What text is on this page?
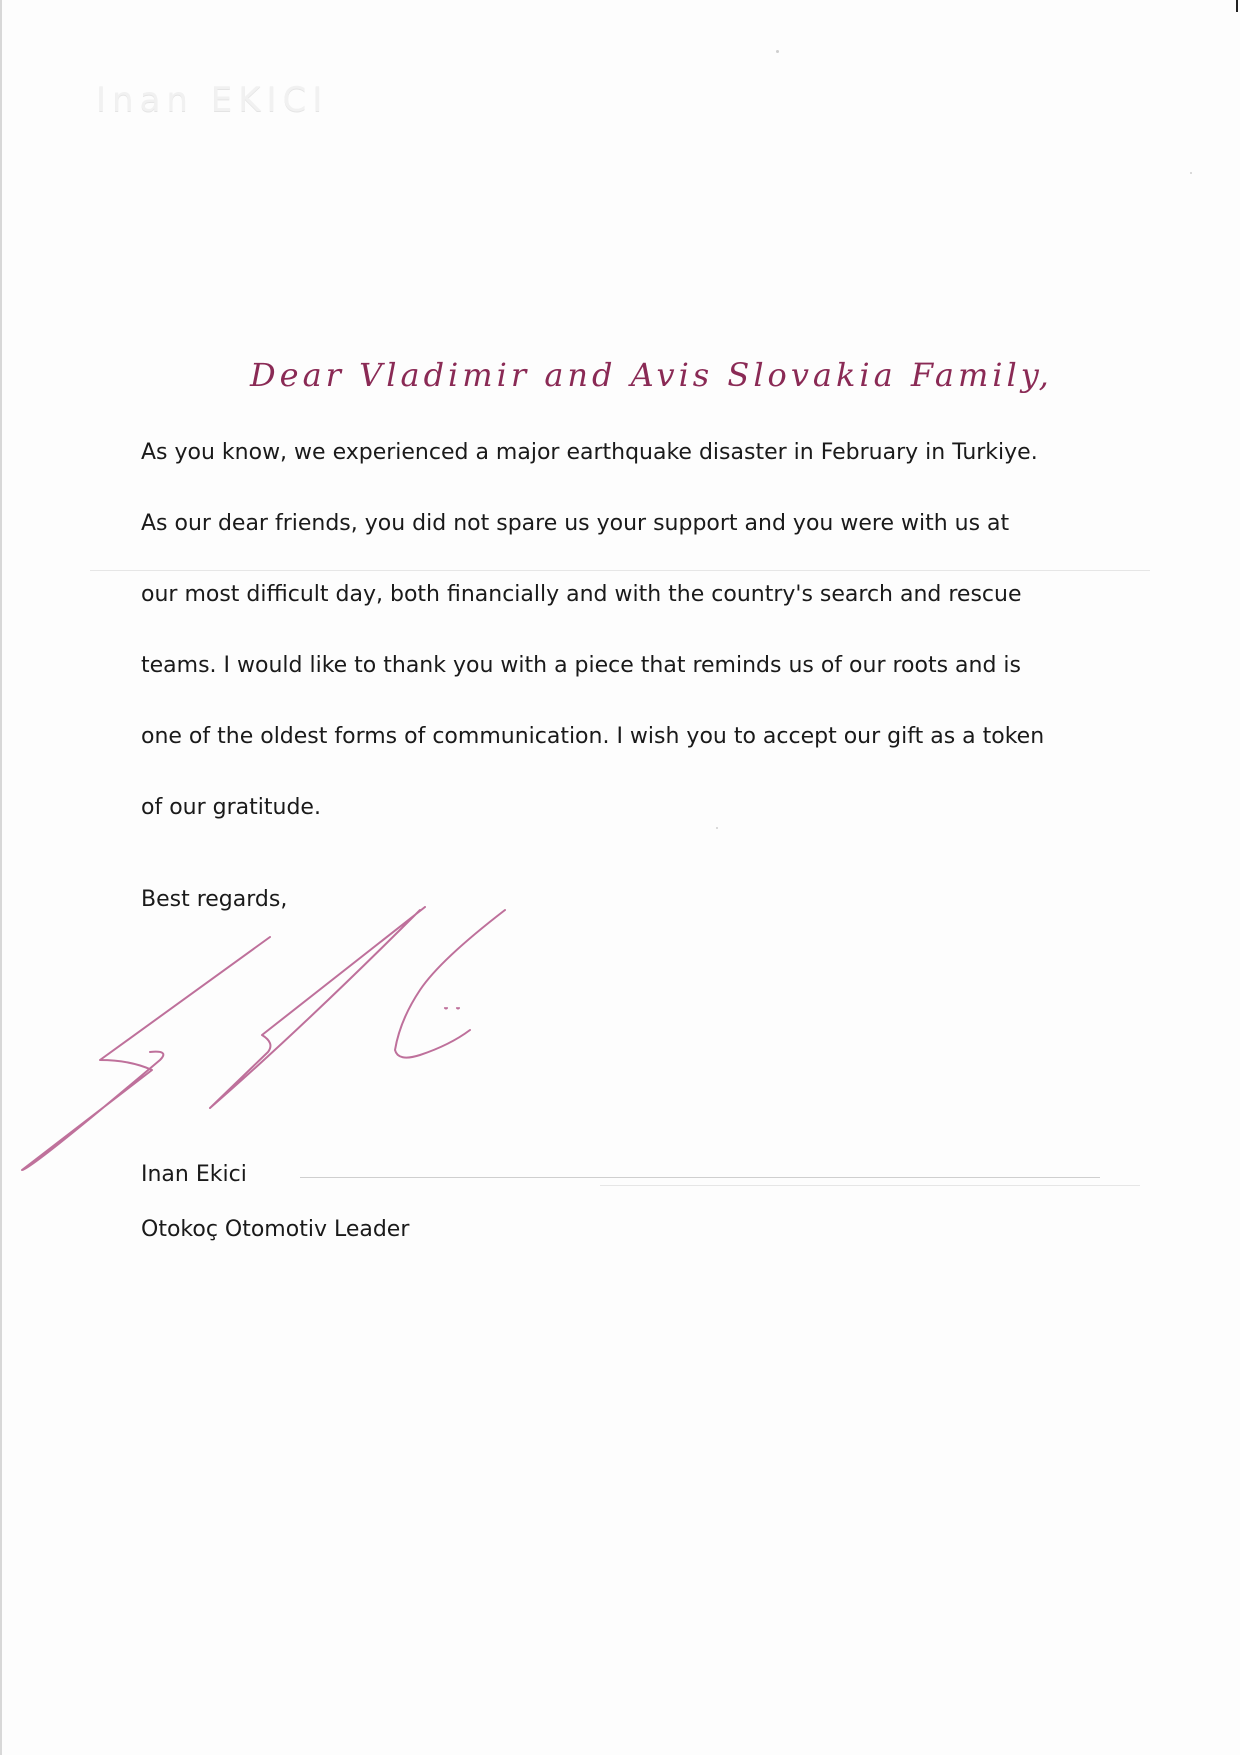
Inan EKICI
Dear Vladimir and Avis Slovakia Family,
As you know, we experienced a major earthquake disaster in February in Turkiye.
As our dear friends, you did not spare us your support and you were with us at
our most difficult day, both financially and with the country's search and rescue
teams. I would like to thank you with a piece that reminds us of our roots and is
one of the oldest forms of communication. I wish you to accept our gift as a token
of our gratitude.
Best regards,
Inan Ekici
Otokoç Otomotiv Leader
